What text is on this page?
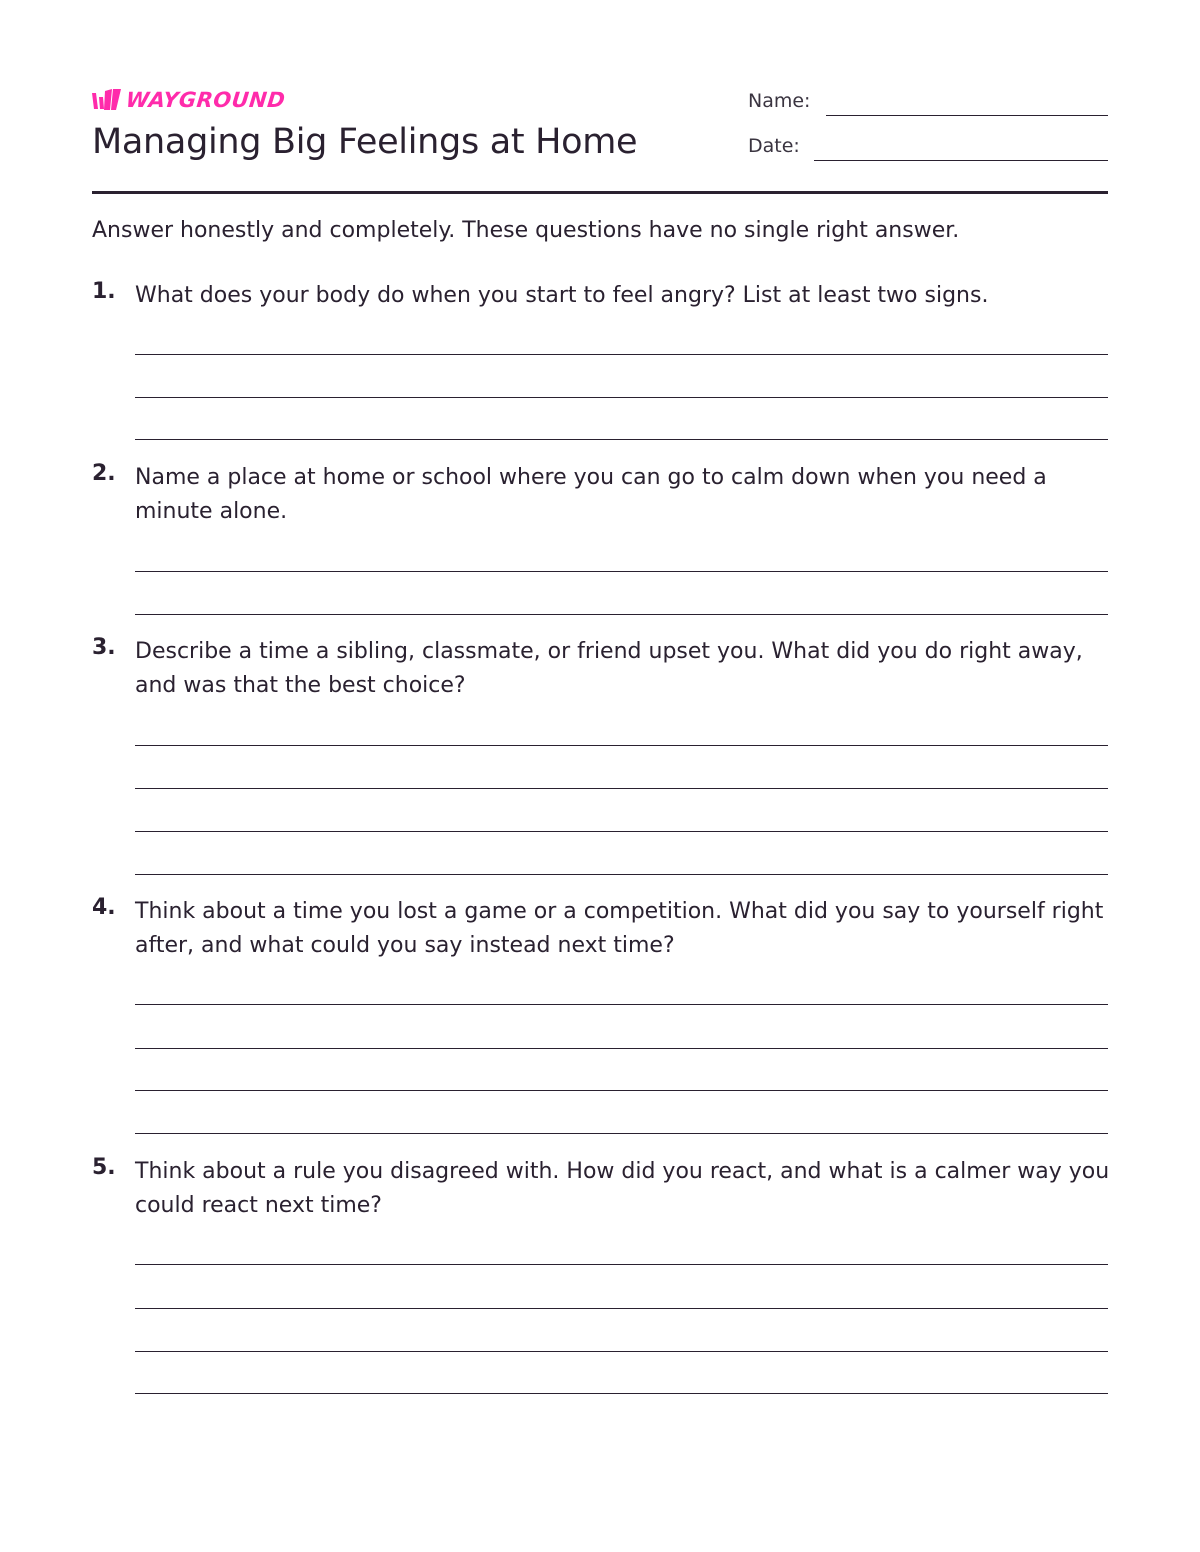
WAYGROUND
Managing Big Feelings at Home
Name:
Date:
Answer honestly and completely. These questions have no single right answer.
1. What does your body do when you start to feel angry? List at least two signs.
2. Name a place at home or school where you can go to calm down when you need a minute alone.
3. Describe a time a sibling, classmate, or friend upset you. What did you do right away, and was that the best choice?
4. Think about a time you lost a game or a competition. What did you say to yourself right after, and what could you say instead next time?
5. Think about a rule you disagreed with. How did you react, and what is a calmer way you could react next time?
